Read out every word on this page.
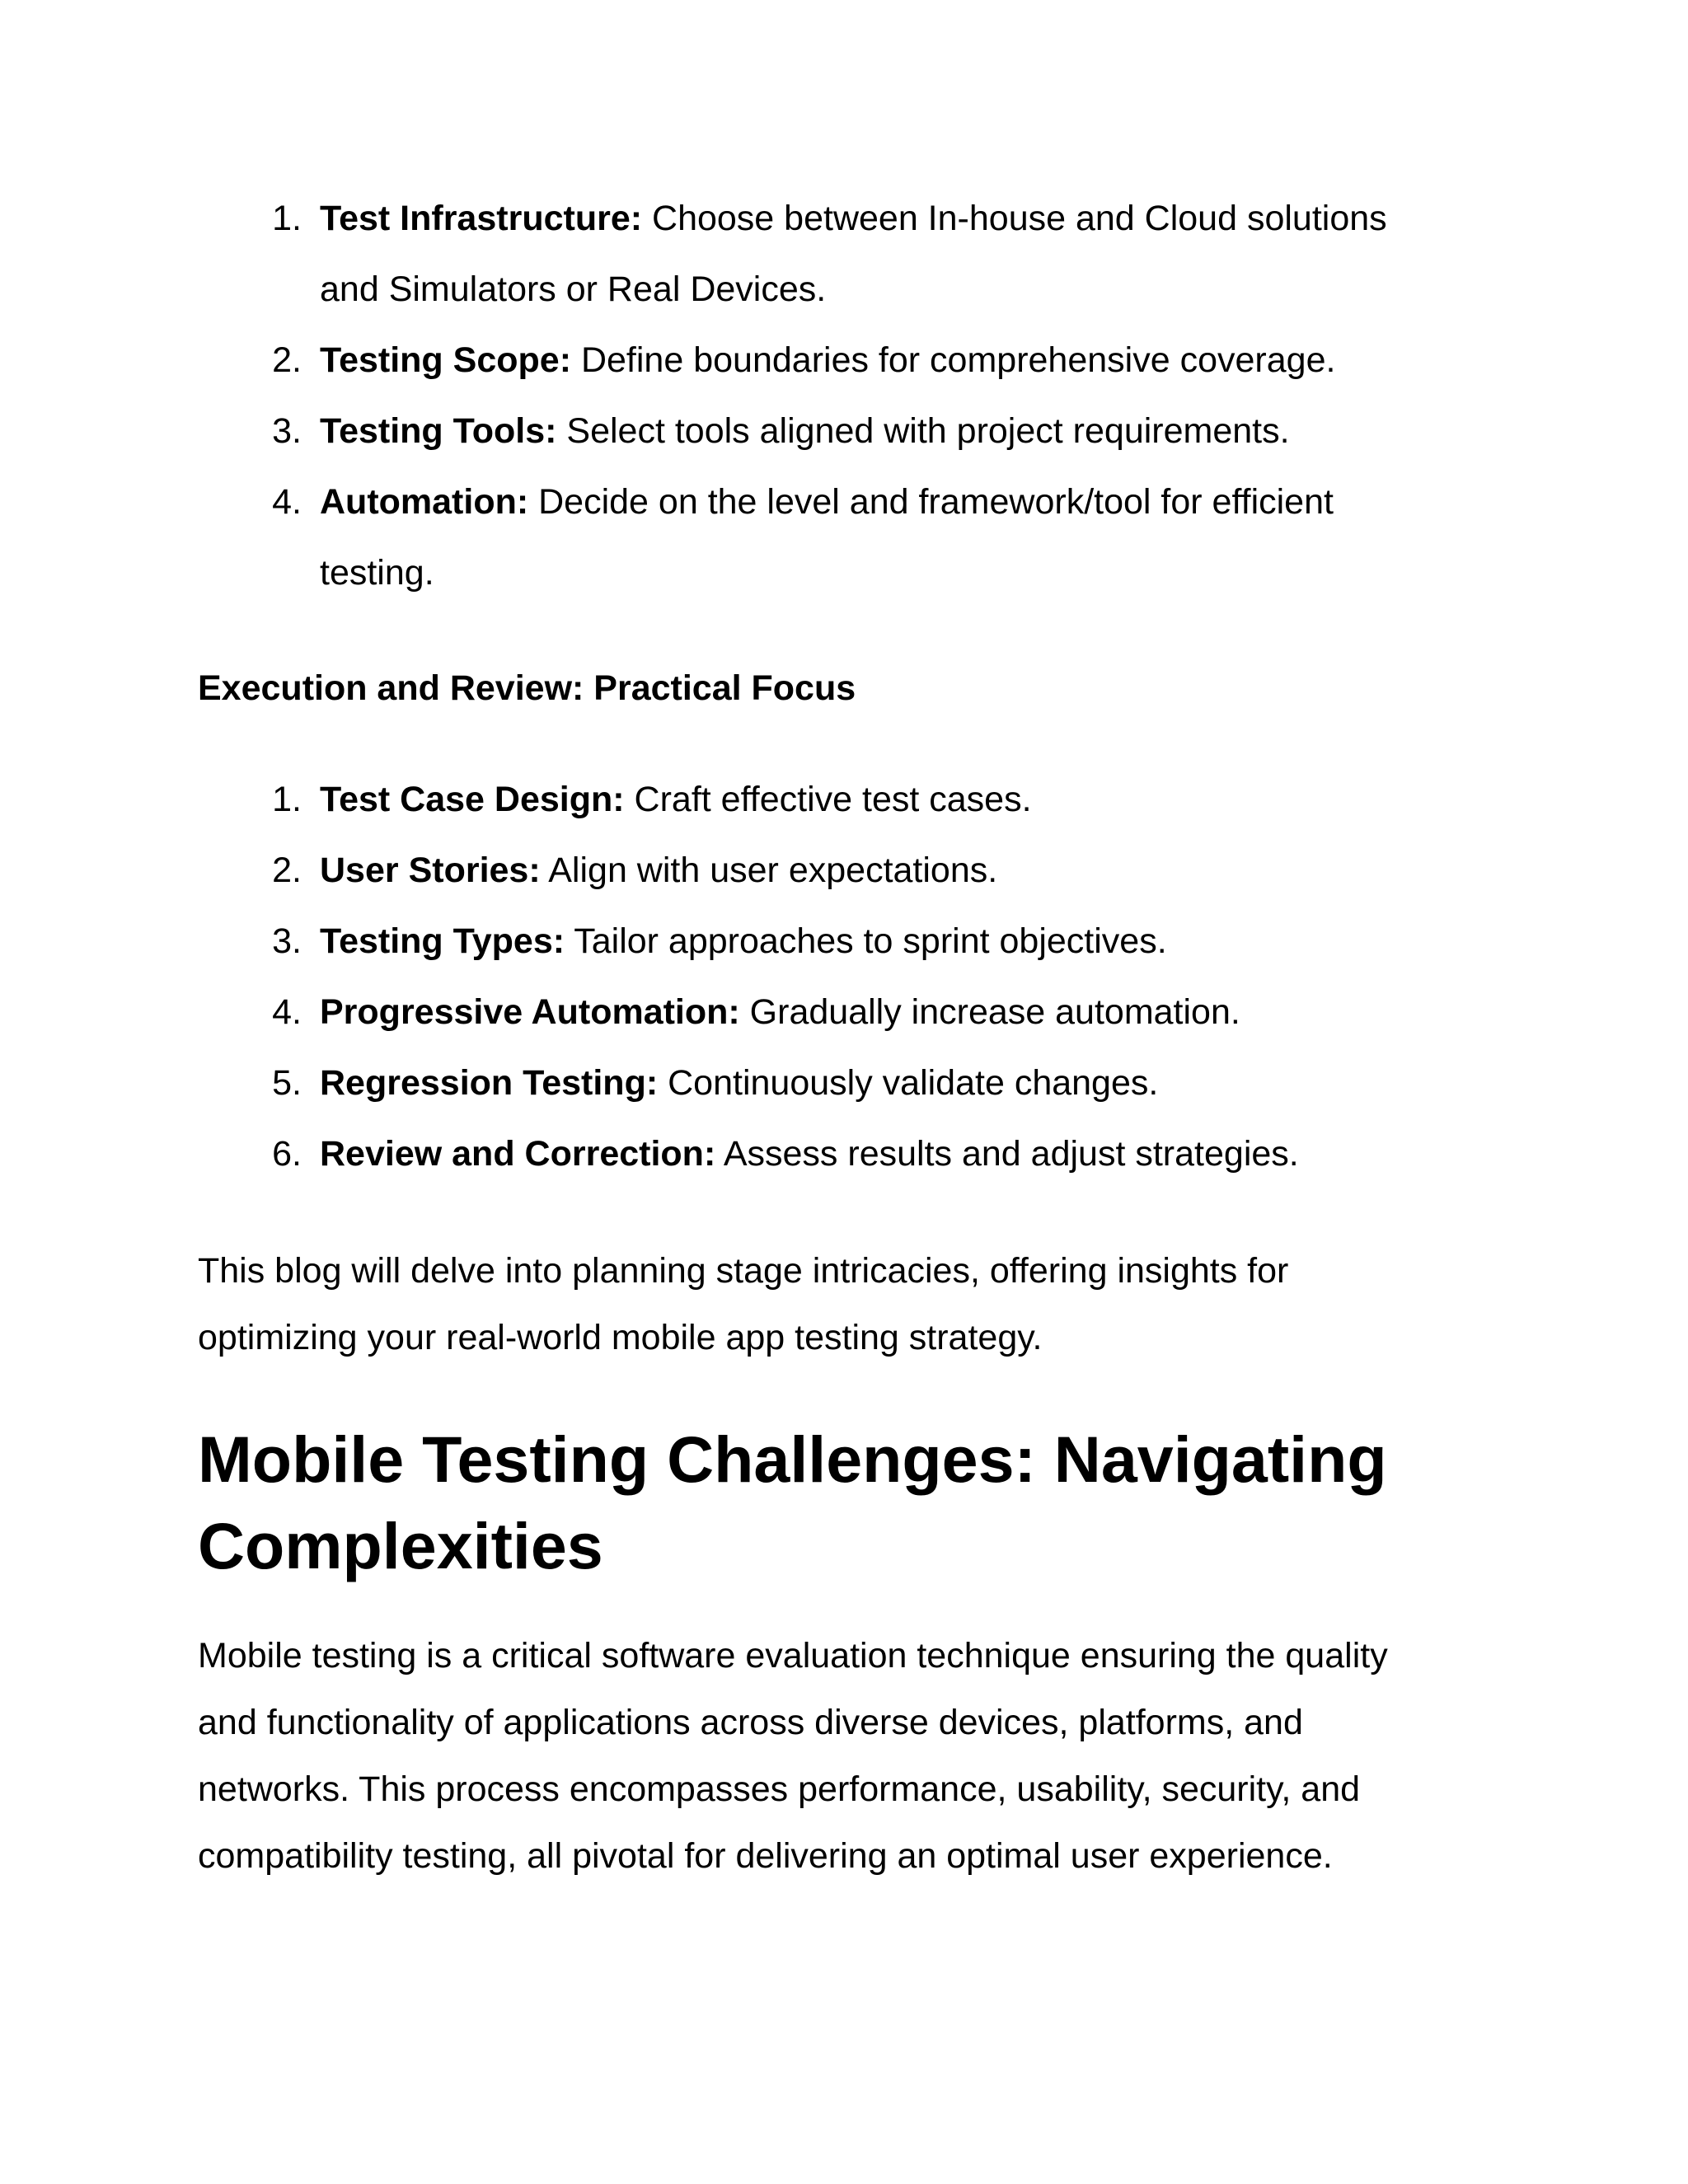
1. Test Infrastructure: Choose between In-house and Cloud solutions
and Simulators or Real Devices.
2. Testing Scope: Define boundaries for comprehensive coverage.
3. Testing Tools: Select tools aligned with project requirements.
4. Automation: Decide on the level and framework/tool for efficient
testing.
Execution and Review: Practical Focus
1. Test Case Design: Craft effective test cases.
2. User Stories: Align with user expectations.
3. Testing Types: Tailor approaches to sprint objectives.
4. Progressive Automation: Gradually increase automation.
5. Regression Testing: Continuously validate changes.
6. Review and Correction: Assess results and adjust strategies.

This blog will delve into planning stage intricacies, offering insights for
optimizing your real-world mobile app testing strategy.

Mobile Testing Challenges: Navigating
Complexities

Mobile testing is a critical software evaluation technique ensuring the quality
and functionality of applications across diverse devices, platforms, and
networks. This process encompasses performance, usability, security, and
compatibility testing, all pivotal for delivering an optimal user experience.
